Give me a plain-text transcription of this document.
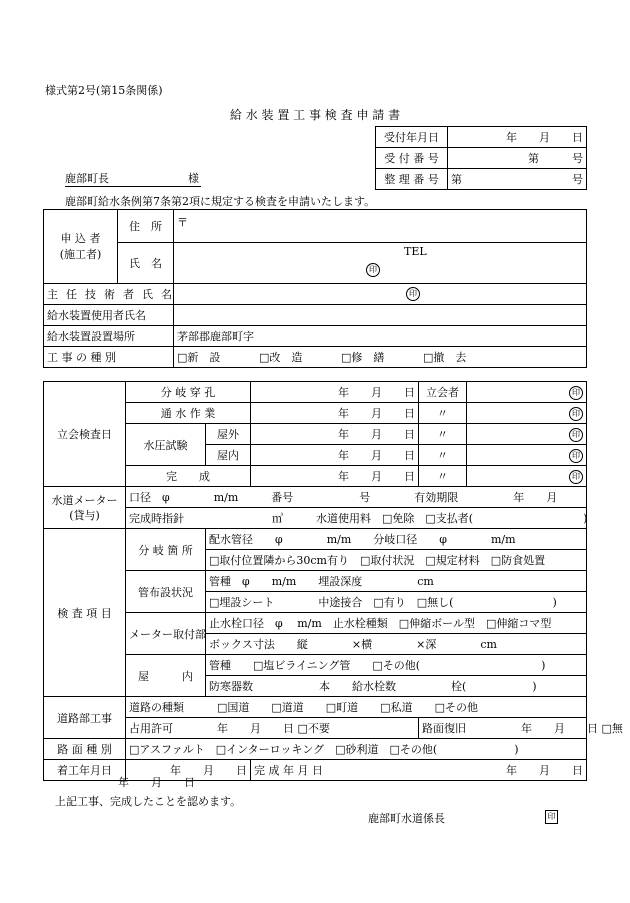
様式第2号(第15条関係)
給 水 装 置 工 事 検 査 申 請 書
受付年月日	年　　月　　日
受 付 番 号	第　　　号
整 理 番 号	第 号
鹿部町長	様
鹿部町給水条例第7条第2項に規定する検査を申請いたします。
申 込 者
(施工者)	住　所	〒
	氏　名	TEL
印

主任技術者氏名		印

給水装置使用者氏名		
給水装置設置場所		茅部郡鹿部町字
工 事 の 種 別		□新　設 □改　造 □修　繕 □撤　去
立会検査日	分 岐 穿 孔		年　　月　　日	立会者	印
	通 水 作 業		年　　月　　日	〃	印
	水圧試験	屋外	年　　月　　日	〃	印
		屋内	年　　月　　日	〃	印
	完　　成		年　　月　　日	〃	印
水道メーター
(貸与)	口径　φ　　　　m/m　　　番号　　　　　　号　　　　有効期限　　　　　年　　月				
	完成時指針　　　　　　　　㎥　　　水道使用料　□免除　□支払者(　　　　　　　　　　)				
検 査 項 目	分 岐 箇 所	配水管径　　φ　　　　m/m　　分岐口径　　φ　　　　m/m			
		□取付位置隣から30cm有り　□取付状況　□規定材料　□防食処置			
	管布設状況	管種　φ　　m/m　　埋設深度　　　　　cm			
		□埋設シート　　　　中途接合　□有り　□無し(　　　　　　　　　)			
	メーター取付部	止水栓口径　φ　 m/m　止水栓種類　□伸縮ボール型　□伸縮コマ型			
		ボックス寸法　　縦　　　　×横　　　　×深　　　　cm			
	屋　　　内	管種　　□塩ビライニング管　　□その他(　　　　　　　　　　　)			
		防寒器数　　　　　　本　　給水栓数　　　　　栓(　　　　　　)			
道路部工事	道路の種類　　　□国道　　□道道　　□町道　　□私道　　□その他				
	占用許可　　　　年　　月　　日 □不要			路面復旧　　　　　年　　月　　日 □無	
路 面 種 別	□アスファルト　□インターロッキング　□砂利道　□その他(　　　　　　　)				
着工年月日	年　　月　　日		完 成 年 月 日 年　　月　　日		
年　　月　　日
上記工事、完成したことを認めます。
鹿部町水道係長	印
